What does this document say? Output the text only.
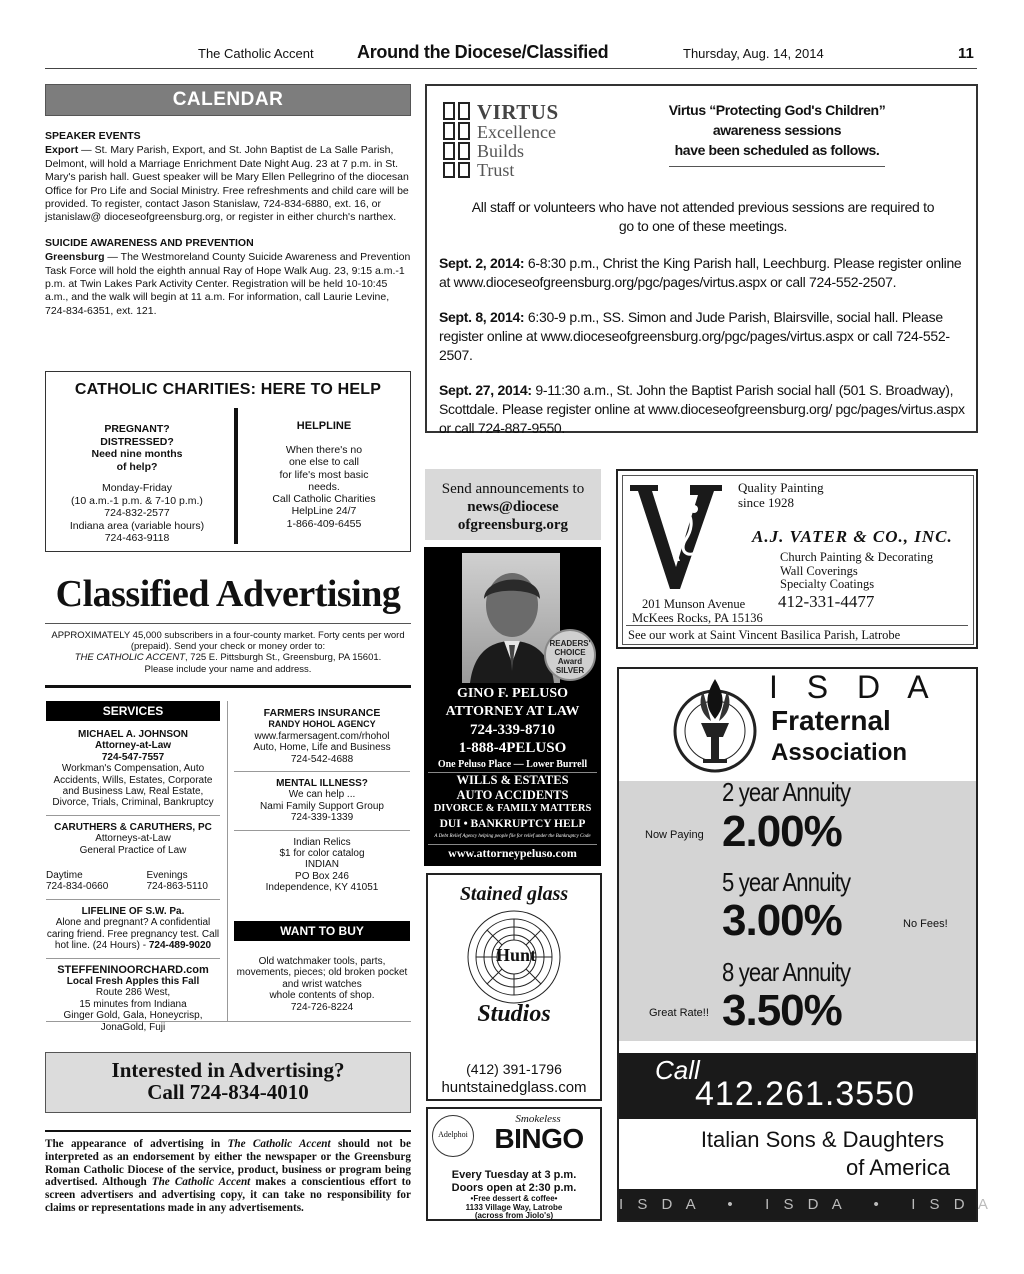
The Catholic Accent Around the Diocese/Classified	Thursday, Aug. 14, 2014	11
CALENDAR

SPEAKER EVENTS

Export — St. Mary Parish, Export, and St. John Baptist de La Salle Parish, Delmont, will hold a Marriage Enrichment Date Night Aug. 23 at 7 p.m. in St. Mary's parish hall. Guest speaker will be Mary Ellen Pellegrino of the diocesan Office for Pro Life and Social Ministry. Free refreshments and child care will be provided. To register, contact Jason Stanislaw, 724-834-6880, ext. 16, or jstanislaw@ dioceseofgreensburg.org, or register in either church's narthex.

SUICIDE AWARENESS AND PREVENTION

Greensburg — The Westmoreland County Suicide Awareness and Prevention Task Force will hold the eighth annual Ray of Hope Walk Aug. 23, 9:15 a.m.-1 p.m. at Twin Lakes Park Activity Center. Registration will be held 10-10:45 a.m., and the walk will begin at 11 a.m. For information, call Laurie Levine, 724-834-6351, ext. 121.

CATHOLIC CHARITIES: HERE TO HELP
PREGNANT?
DISTRESSED?
Need nine months
of help?
Monday-Friday
(10 a.m.-1 p.m. & 7-10 p.m.)
724-832-2577
Indiana area (variable hours)
724-463-9118
HELPLINE
When there's no
one else to call
for life's most basic
needs.
Call Catholic Charities
HelpLine 24/7
1-866-409-6455
Classified Advertising
APPROXIMATELY 45,000 subscribers in a four-county market. Forty cents per word (prepaid). Send your check or money order to:
THE CATHOLIC ACCENT, 725 E. Pittsburgh St., Greensburg, PA 15601.
Please include your name and address.
SERVICES
MICHAEL A. JOHNSON
Attorney-at-Law
724-547-7557
Workman's Compensation, Auto Accidents, Wills, Estates, Corporate and Business Law, Real Estate, Divorce, Trials, Criminal, Bankruptcy
CARUTHERS & CARUTHERS, PC
Attorneys-at-Law
General Practice of Law
Daytime
724-834-0660
Evenings
724-863-5110
LIFELINE OF S.W. Pa.
Alone and pregnant? A confidential caring friend. Free pregnancy test. Call hot line. (24 Hours) - 724-489-9020
STEFFENINOORCHARD.com
Local Fresh Apples this Fall
Route 286 West,
15 minutes from Indiana
Ginger Gold, Gala, Honeycrisp,
JonaGold, Fuji
FARMERS INSURANCE
RANDY HOHOL AGENCY
www.farmersagent.com/rhohol
Auto, Home, Life and Business
724-542-4688
MENTAL ILLNESS?
We can help ...
Nami Family Support Group
724-339-1339
Indian Relics
$1 for color catalog
INDIAN
PO Box 246
Independence, KY 41051
WANT TO BUY
Old watchmaker tools, parts, movements, pieces; old broken pocket and wrist watches
whole contents of shop.
724-726-8224
Interested in Advertising?
Call 724-834-4010
The appearance of advertising in The Catholic Accent should not be interpreted as an endorsement by either the newspaper or the Greensburg Roman Catholic Diocese of the service, product, business or program being advertised. Although The Catholic Accent makes a conscientious effort to screen advertisers and advertising copy, it can take no responsibility for claims or representations made in any advertisements.
VIRTUS
Excellence
Builds
Trust
Virtus “Protecting God's Children”
awareness sessions
have been scheduled as follows.

All staff or volunteers who have not attended previous sessions are required to go to one of these meetings.

Sept. 2, 2014: 6-8:30 p.m., Christ the King Parish hall, Leechburg. Please register online at www.dioceseofgreensburg.org/pgc/pages/virtus.aspx or call 724-552-2507.

Sept. 8, 2014: 6:30-9 p.m., SS. Simon and Jude Parish, Blairsville, social hall. Please register online at www.dioceseofgreensburg.org/pgc/pages/virtus.aspx or call 724-552-2507.

Sept. 27, 2014: 9-11:30 a.m., St. John the Baptist Parish social hall (501 S. Broadway), Scottdale. Please register online at www.dioceseofgreensburg.org/ pgc/pages/virtus.aspx or call 724-887-9550.

Send announcements to
news@diocese
ofgreensburg.org
Quality Painting
since 1928
A.J. VATER & CO., INC.
Church Painting & Decorating
Wall Coverings
Specialty Coatings
201 Munson Avenue
McKees Rocks, PA 15136
412-331-4477
See our work at Saint Vincent Basilica Parish, Latrobe
READERS' CHOICE Award SILVER
GINO F. PELUSO
ATTORNEY AT LAW
724-339-8710
1-888-4PELUSO
One Peluso Place — Lower Burrell
WILLS & ESTATES
AUTO ACCIDENTS
DIVORCE & FAMILY MATTERS
DUI • BANKRUPTCY HELP
A Debt Relief Agency helping people file for relief under the Bankruptcy Code
www.attorneypeluso.com
Stained glass
Hunt
Studios
(412) 391-1796
huntstainedglass.com
Adelphoi
Smokeless
BINGO
Every Tuesday at 3 p.m.
Doors open at 2:30 p.m.
•Free dessert & coffee•
1133 Village Way, Latrobe
(across from Jiolo's)
I S D A
Fraternal
Association
2 year Annuity
2.00%
Now Paying
5 year Annuity
3.00%	No Fees!
8 year Annuity
3.50%
Great Rate!!
Call
412.261.3550
Italian Sons & Daughters
of America
I S D A   •   I S D A   •   I S D A
